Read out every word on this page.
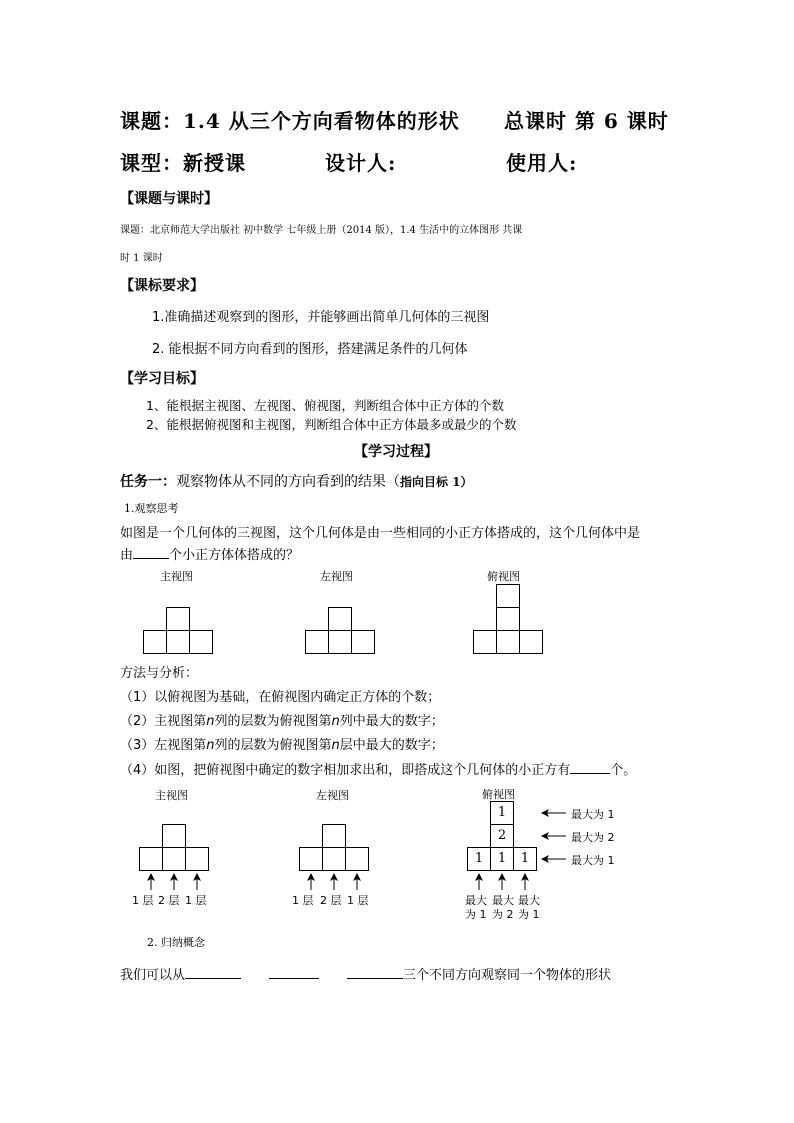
课题：1.4 从三个方向看物体的形状 总课时 第 6 课时
课型：新授课	设计人:	使用人:
【课题与课时】
课题：北京师范大学出版社 初中数学 七年级上册（2014 版），1.4 生活中的立体图形 共课
时 1 课时
【课标要求】
1.准确描述观察到的图形，并能够画出简单几何体的三视图
2. 能根据不同方向看到的图形，搭建满足条件的几何体
【学习目标】
1、能根据主视图、左视图、俯视图，判断组合体中正方体的个数
2、能根据俯视图和主视图，判断组合体中正方体最多或最少的个数
【学习过程】
任务一：观察物体从不同的方向看到的结果（指向目标 1）
1.观察思考
如图是一个几何体的三视图，这个几何体是由一些相同的小正方体搭成的，这个几何体中是
由	个小正方体体搭成的？
主视图	左视图	俯视图
方法与分析：
（1）以俯视图为基础，在俯视图内确定正方体的个数；
（2）主视图第n列的层数为俯视图第n列中最大的数字；
（3）左视图第n列的层数为俯视图第n层中最大的数字；
（4）如图，把俯视图中确定的数字相加求出和，即搭成这个几何体的小正方有	个。
主视图	左视图	俯视图
1
2
1	1	1
1 层 2 层 1 层	1 层 2 层 1 层	最大 最大 最大
为 1 为 2 为 1
最大为 1
最大为 2
最大为 1
2. 归纳概念
我们可以从	三个不同方向观察同一个物体的形状
